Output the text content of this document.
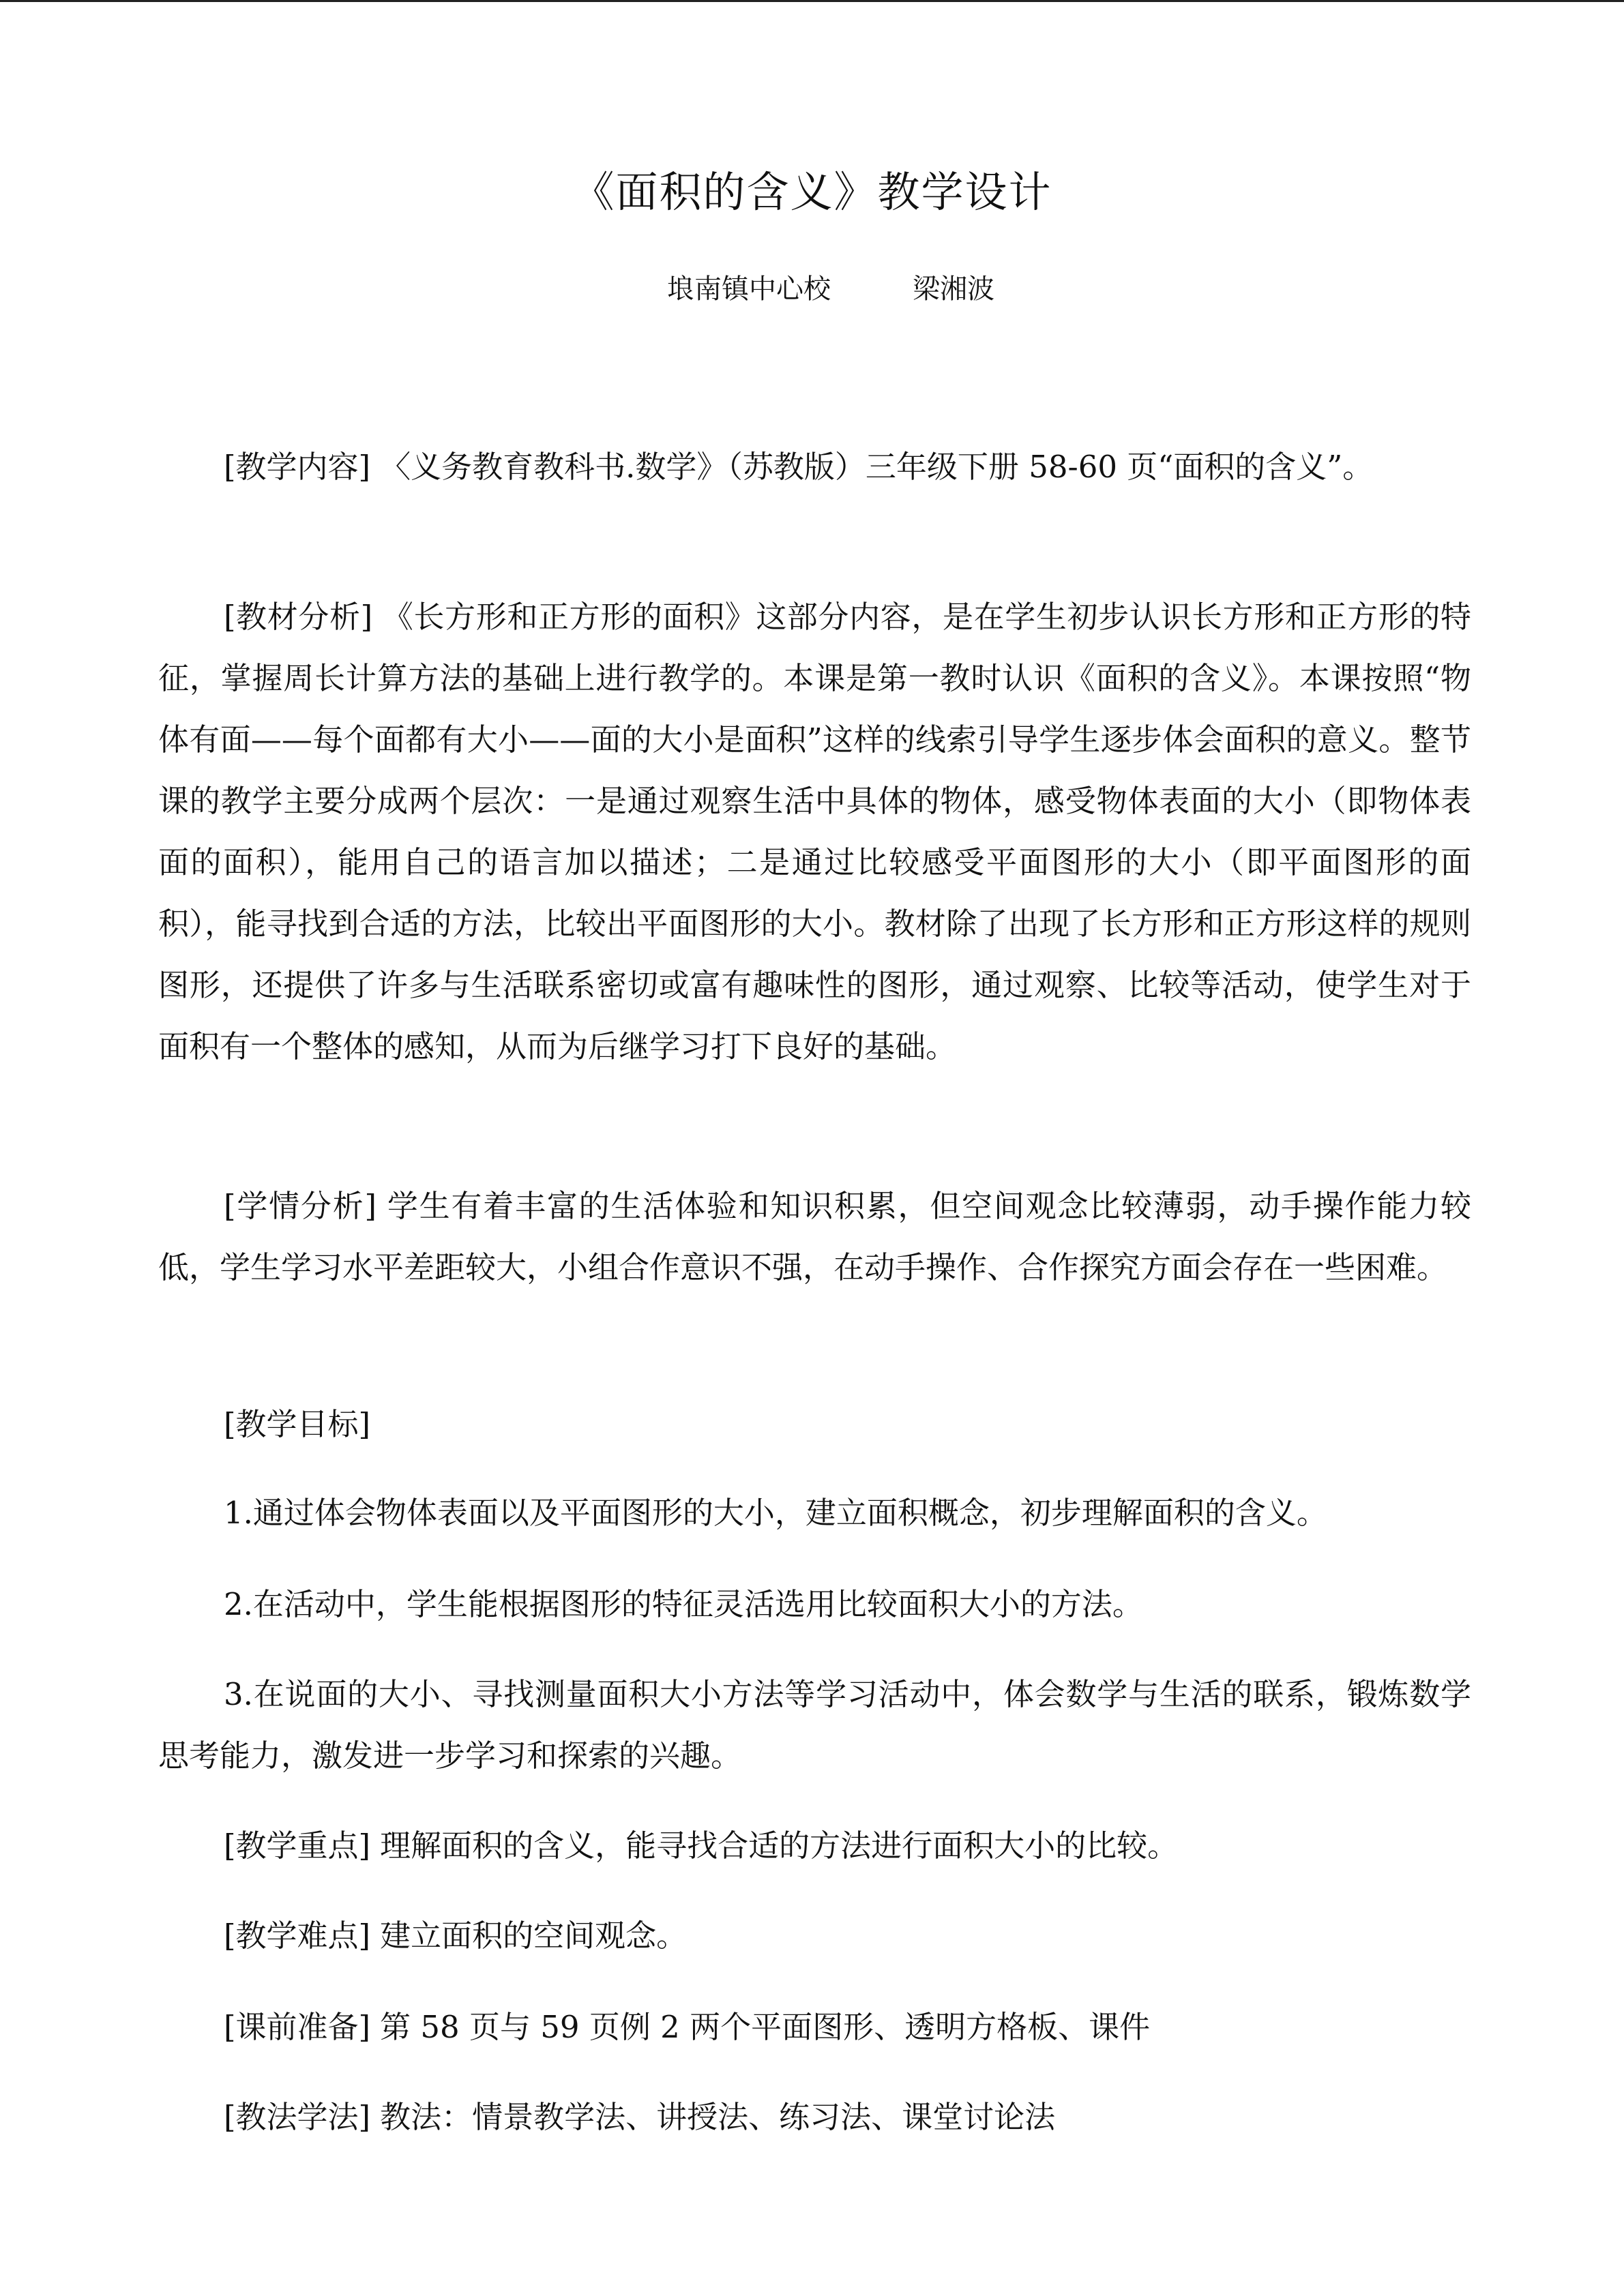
《面积的含义》教学设计
埌南镇中心校	梁湘波

[教学内容] 〈义务教育教科书.数学》（苏教版）三年级下册 58-60 页“面积的含义”。

[教材分析] 《长方形和正方形的面积》这部分内容，是在学生初步认识长方形和正方形的特征，掌握周长计算方法的基础上进行教学的。本课是第一教时认识《面积的含义》。本课按照“物体有面——每个面都有大小——面的大小是面积”这样的线索引导学生逐步体会面积的意义。整节课的教学主要分成两个层次：一是通过观察生活中具体的物体，感受物体表面的大小（即物体表面的面积），能用自己的语言加以描述；二是通过比较感受平面图形的大小（即平面图形的面积），能寻找到合适的方法，比较出平面图形的大小。教材除了出现了长方形和正方形这样的规则图形，还提供了许多与生活联系密切或富有趣味性的图形，通过观察、比较等活动，使学生对于面积有一个整体的感知，从而为后继学习打下良好的基础。

[学情分析] 学生有着丰富的生活体验和知识积累，但空间观念比较薄弱，动手操作能力较低，学生学习水平差距较大，小组合作意识不强，在动手操作、合作探究方面会存在一些困难。

[教学目标]

1.通过体会物体表面以及平面图形的大小，建立面积概念，初步理解面积的含义。

2.在活动中，学生能根据图形的特征灵活选用比较面积大小的方法。

3.在说面的大小、寻找测量面积大小方法等学习活动中，体会数学与生活的联系，锻炼数学思考能力，激发进一步学习和探索的兴趣。

[教学重点] 理解面积的含义，能寻找合适的方法进行面积大小的比较。

[教学难点] 建立面积的空间观念。

[课前准备] 第 58 页与 59 页例 2 两个平面图形、透明方格板、课件

[教法学法] 教法：情景教学法、讲授法、练习法、课堂讨论法
